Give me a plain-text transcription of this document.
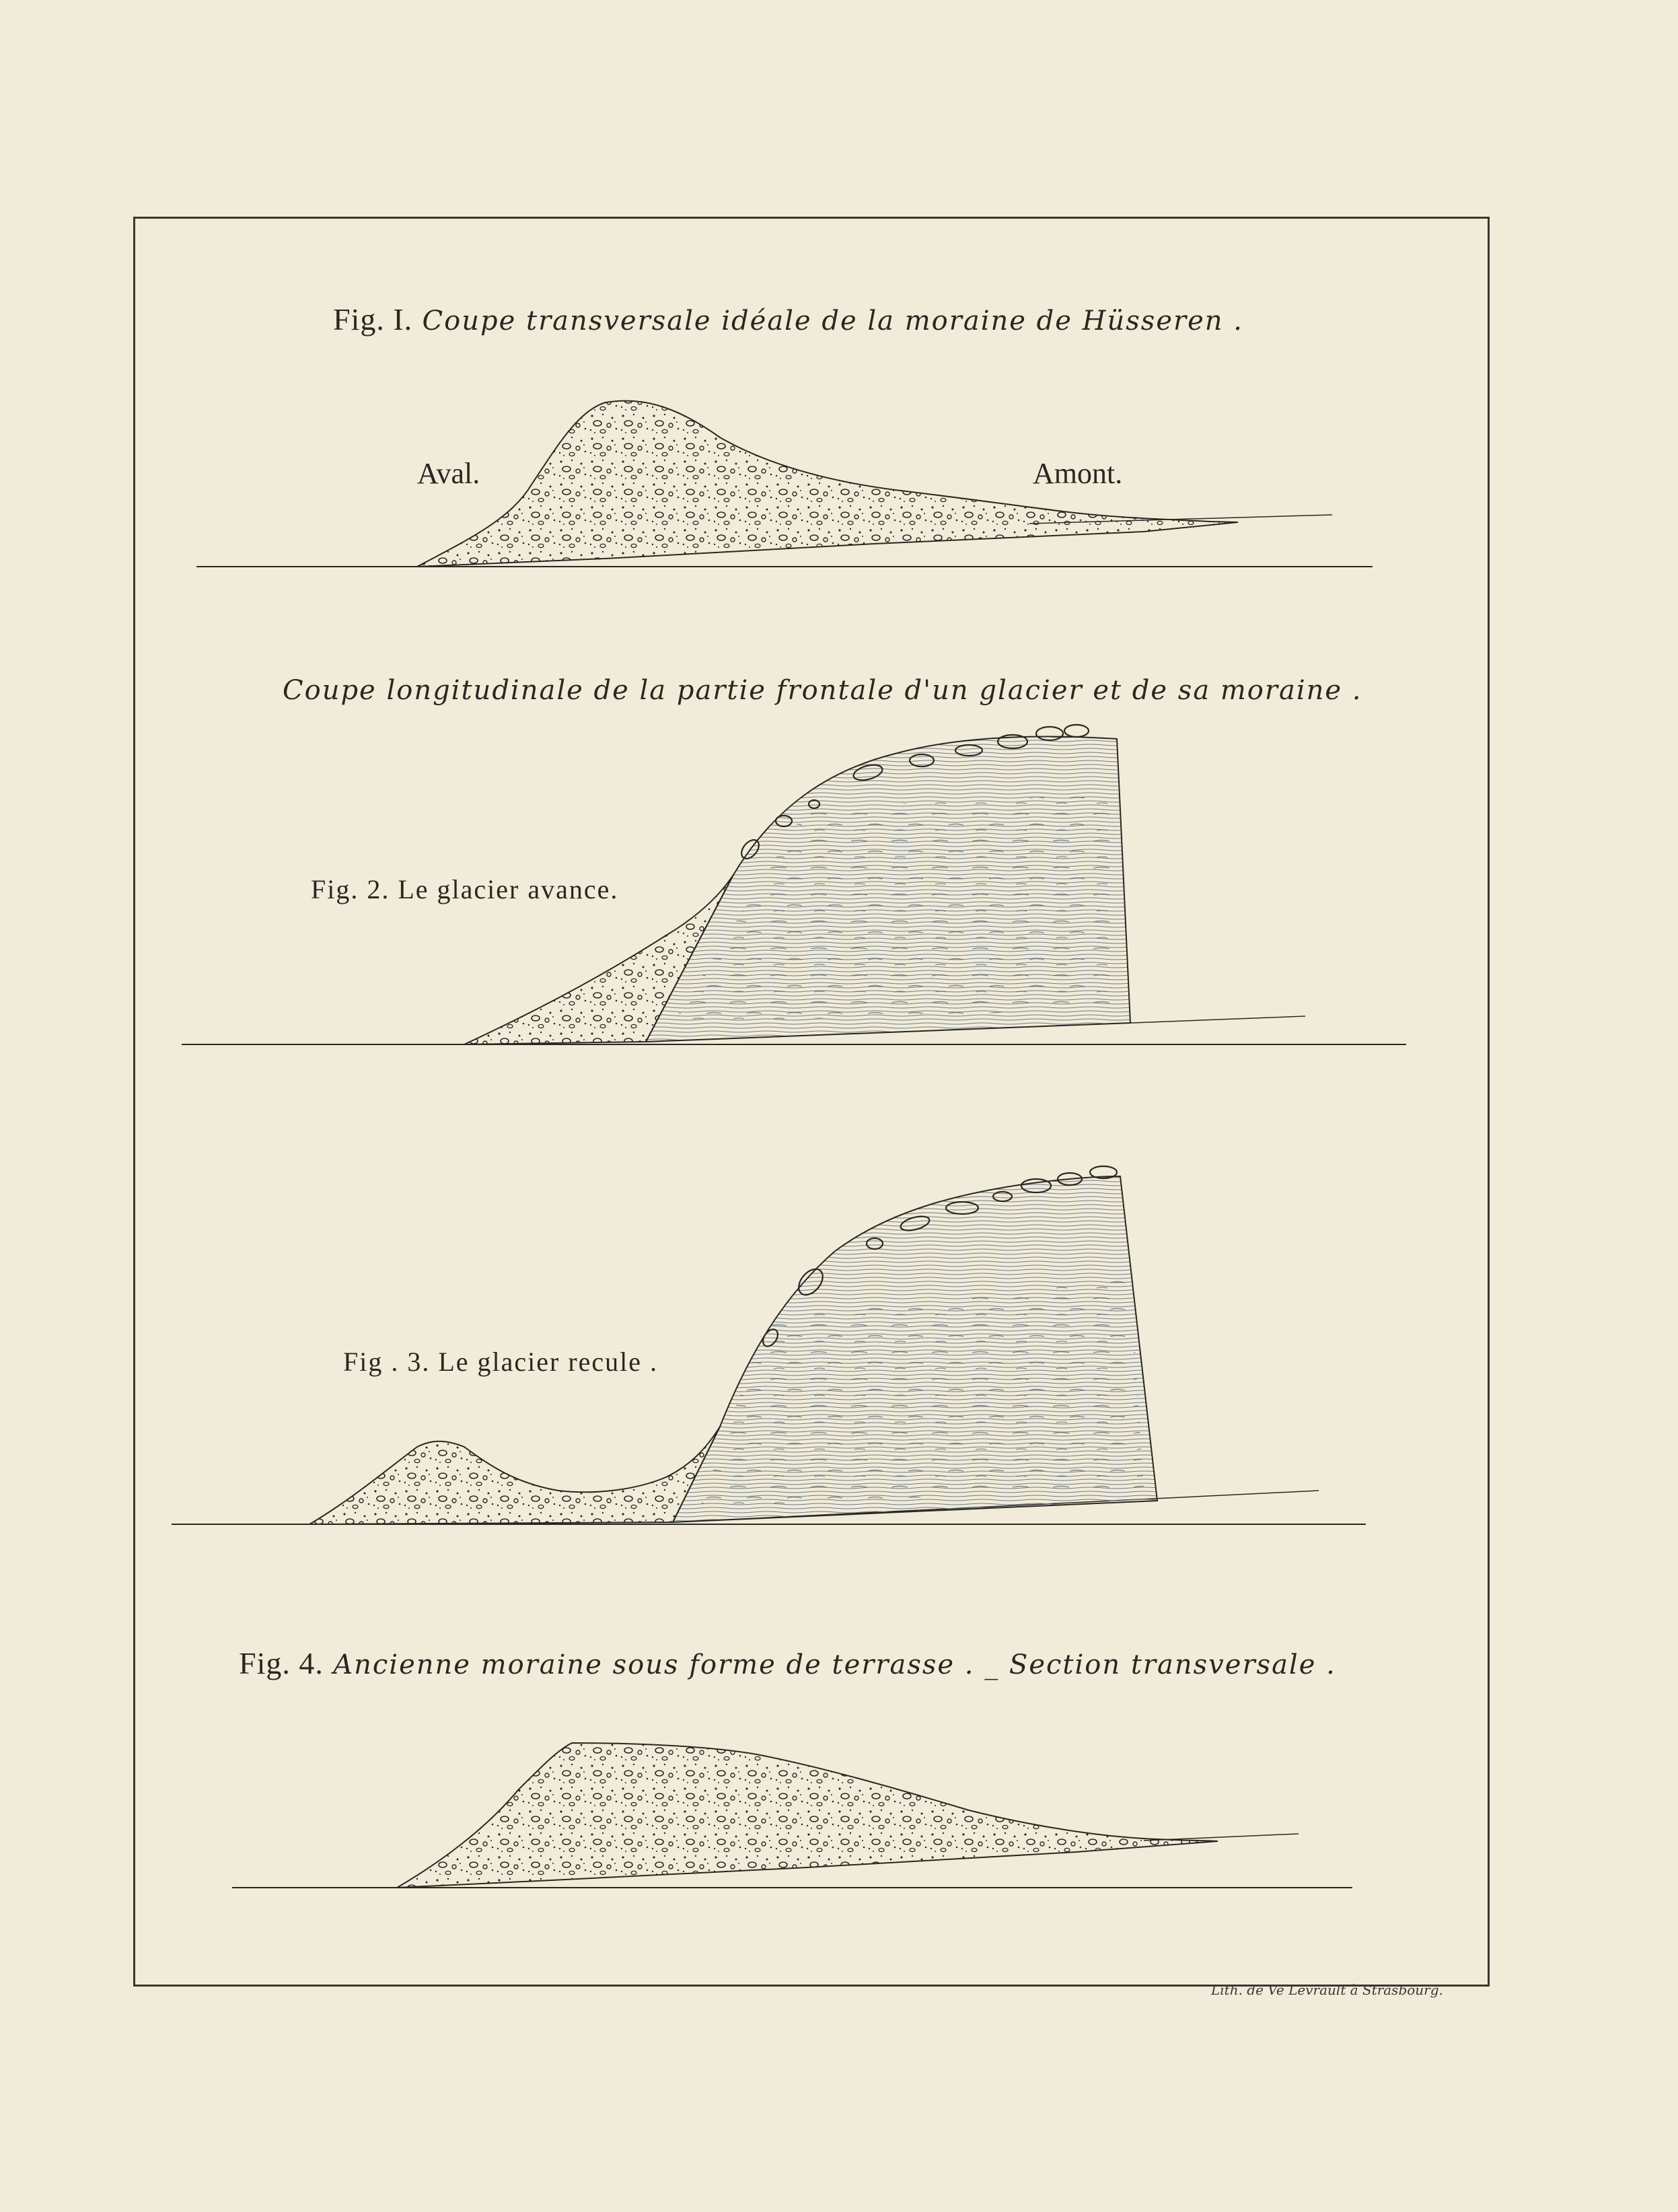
Fig. I. Coupe transversale idéale de la moraine de Hüsseren .
Aval.	Amont.
Coupe longitudinale de la partie frontale d'un glacier et de sa moraine .
Fig. 2. Le glacier avance.
Fig . 3. Le glacier recule .
Fig. 4. Ancienne moraine sous forme de terrasse . _ Section transversale .
Lith. de Ve Levrault à Strasbourg.
